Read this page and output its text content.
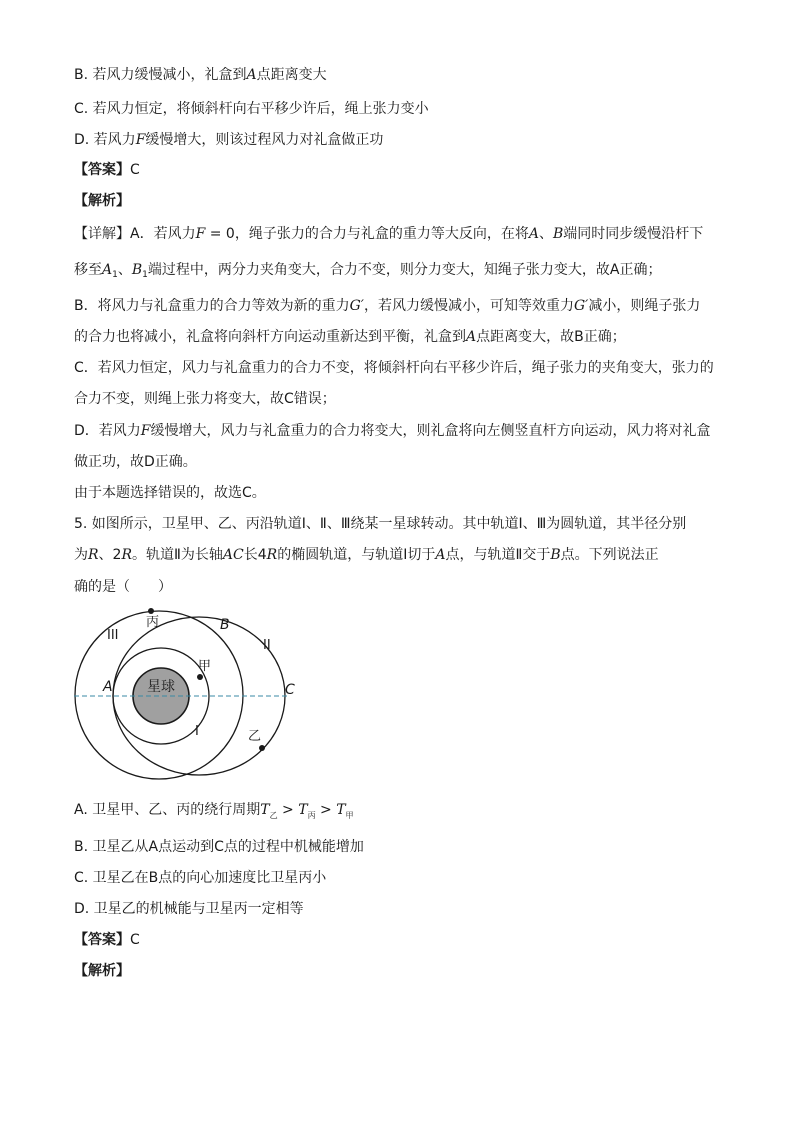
B. 若风力缓慢减小，礼盒到A点距离变大
C. 若风力恒定，将倾斜杆向右平移少许后，绳上张力变小
D. 若风力F缓慢增大，则该过程风力对礼盒做正功
【答案】C
【解析】
【详解】A．若风力F = 0，绳子张力的合力与礼盒的重力等大反向，在将A、B端同时同步缓慢沿杆下
移至$A_1$、$B_1$端过程中，两分力夹角变大，合力不变，则分力变大，知绳子张力变大，故A正确；
B．将风力与礼盒重力的合力等效为新的重力G′，若风力缓慢减小，可知等效重力G′减小，则绳子张力
的合力也将减小，礼盒将向斜杆方向运动重新达到平衡，礼盒到A点距离变大，故B正确；
C．若风力恒定，风力与礼盒重力的合力不变，将倾斜杆向右平移少许后，绳子张力的夹角变大，张力的
合力不变，则绳上张力将变大，故C错误；
D．若风力F缓慢增大，风力与礼盒重力的合力将变大，则礼盒将向左侧竖直杆方向运动，风力将对礼盒
做正功，故D正确。
由于本题选择错误的，故选C。
5. 如图所示，卫星甲、乙、丙沿轨道Ⅰ、Ⅱ、Ⅲ绕某一星球转动。其中轨道Ⅰ、Ⅲ为圆轨道，其半径分别
为R、2R。轨道Ⅱ为长轴AC长4R的椭圆轨道，与轨道Ⅰ切于A点，与轨道Ⅱ交于B点。下列说法正
确的是（　　）
星球
丙
甲
乙
III
II
I
A
B
C
A. 卫星甲、乙、丙的绕行周期$T_乙 > T_丙 > T_甲$
B. 卫星乙从A点运动到C点的过程中机械能增加
C. 卫星乙在B点的向心加速度比卫星丙小
D. 卫星乙的机械能与卫星丙一定相等
【答案】C
【解析】
